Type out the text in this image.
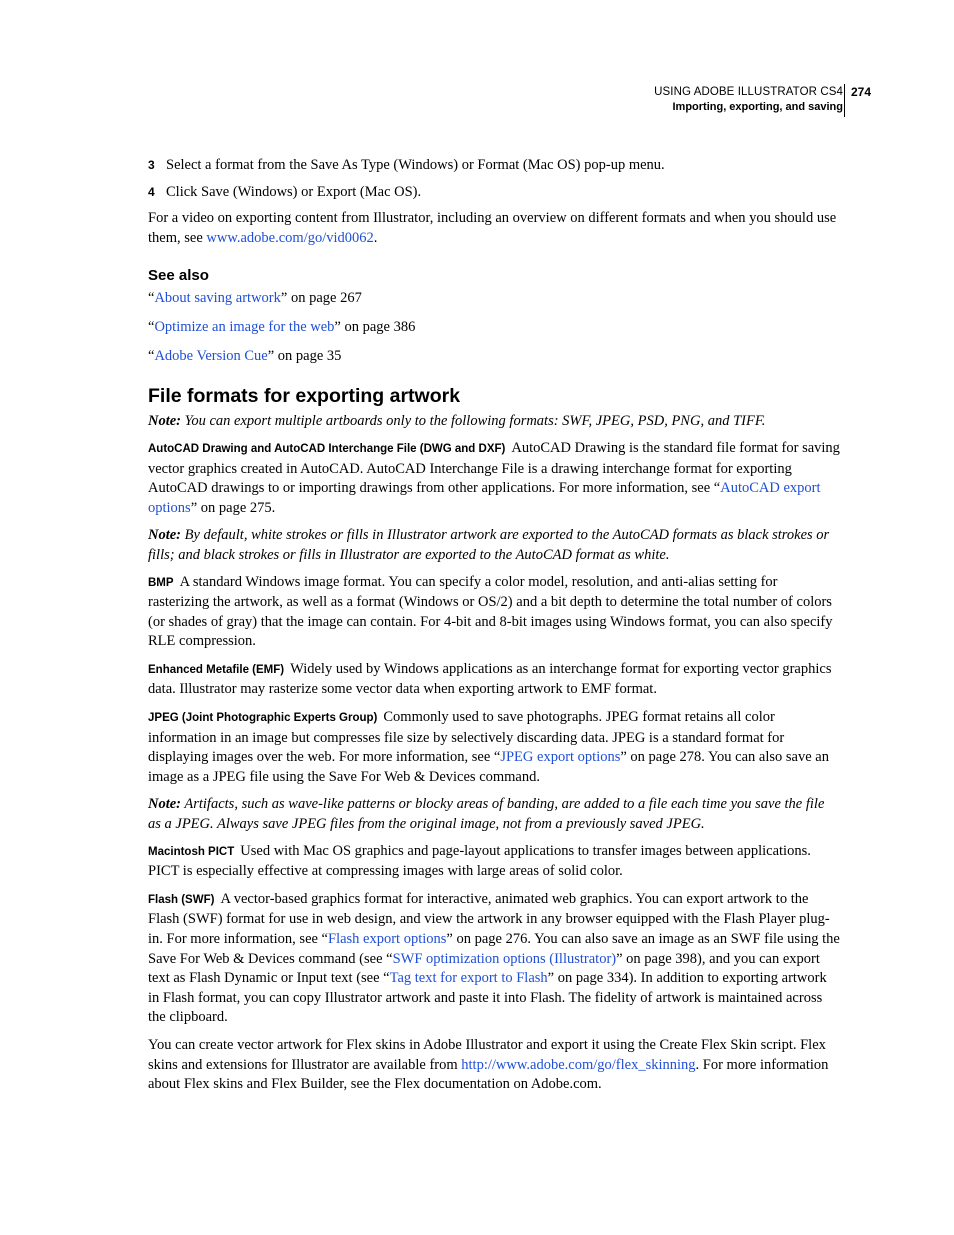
USING ADOBE ILLUSTRATOR CS4
Importing, exporting, and saving
274

3 Select a format from the Save As Type (Windows) or Format (Mac OS) pop-up menu.

4 Click Save (Windows) or Export (Mac OS).

For a video on exporting content from Illustrator, including an overview on different formats and when you should use them, see www.adobe.com/go/vid0062.

See also

“About saving artwork” on page 267

“Optimize an image for the web” on page 386

“Adobe Version Cue” on page 35

File formats for exporting artwork

Note: You can export multiple artboards only to the following formats: SWF, JPEG, PSD, PNG, and TIFF.

AutoCAD Drawing and AutoCAD Interchange File (DWG and DXF) AutoCAD Drawing is the standard file format for saving vector graphics created in AutoCAD. AutoCAD Interchange File is a drawing interchange format for exporting AutoCAD drawings to or importing drawings from other applications. For more information, see “AutoCAD export options” on page 275.

Note: By default, white strokes or fills in Illustrator artwork are exported to the AutoCAD formats as black strokes or fills; and black strokes or fills in Illustrator are exported to the AutoCAD format as white.

BMP A standard Windows image format. You can specify a color model, resolution, and anti-alias setting for rasterizing the artwork, as well as a format (Windows or OS/2) and a bit depth to determine the total number of colors (or shades of gray) that the image can contain. For 4-bit and 8-bit images using Windows format, you can also specify RLE compression.

Enhanced Metafile (EMF) Widely used by Windows applications as an interchange format for exporting vector graphics data. Illustrator may rasterize some vector data when exporting artwork to EMF format.

JPEG (Joint Photographic Experts Group) Commonly used to save photographs. JPEG format retains all color information in an image but compresses file size by selectively discarding data. JPEG is a standard format for displaying images over the web. For more information, see “JPEG export options” on page 278. You can also save an image as a JPEG file using the Save For Web & Devices command.

Note: Artifacts, such as wave-like patterns or blocky areas of banding, are added to a file each time you save the file as a JPEG. Always save JPEG files from the original image, not from a previously saved JPEG.

Macintosh PICT Used with Mac OS graphics and page-layout applications to transfer images between applications. PICT is especially effective at compressing images with large areas of solid color.

Flash (SWF) A vector-based graphics format for interactive, animated web graphics. You can export artwork to the Flash (SWF) format for use in web design, and view the artwork in any browser equipped with the Flash Player plug-in. For more information, see “Flash export options” on page 276. You can also save an image as an SWF file using the Save For Web & Devices command (see “SWF optimization options (Illustrator)” on page 398), and you can export text as Flash Dynamic or Input text (see “Tag text for export to Flash” on page 334). In addition to exporting artwork in Flash format, you can copy Illustrator artwork and paste it into Flash. The fidelity of artwork is maintained across the clipboard.

You can create vector artwork for Flex skins in Adobe Illustrator and export it using the Create Flex Skin script. Flex skins and extensions for Illustrator are available from http://www.adobe.com/go/flex_skinning. For more information about Flex skins and Flex Builder, see the Flex documentation on Adobe.com.
